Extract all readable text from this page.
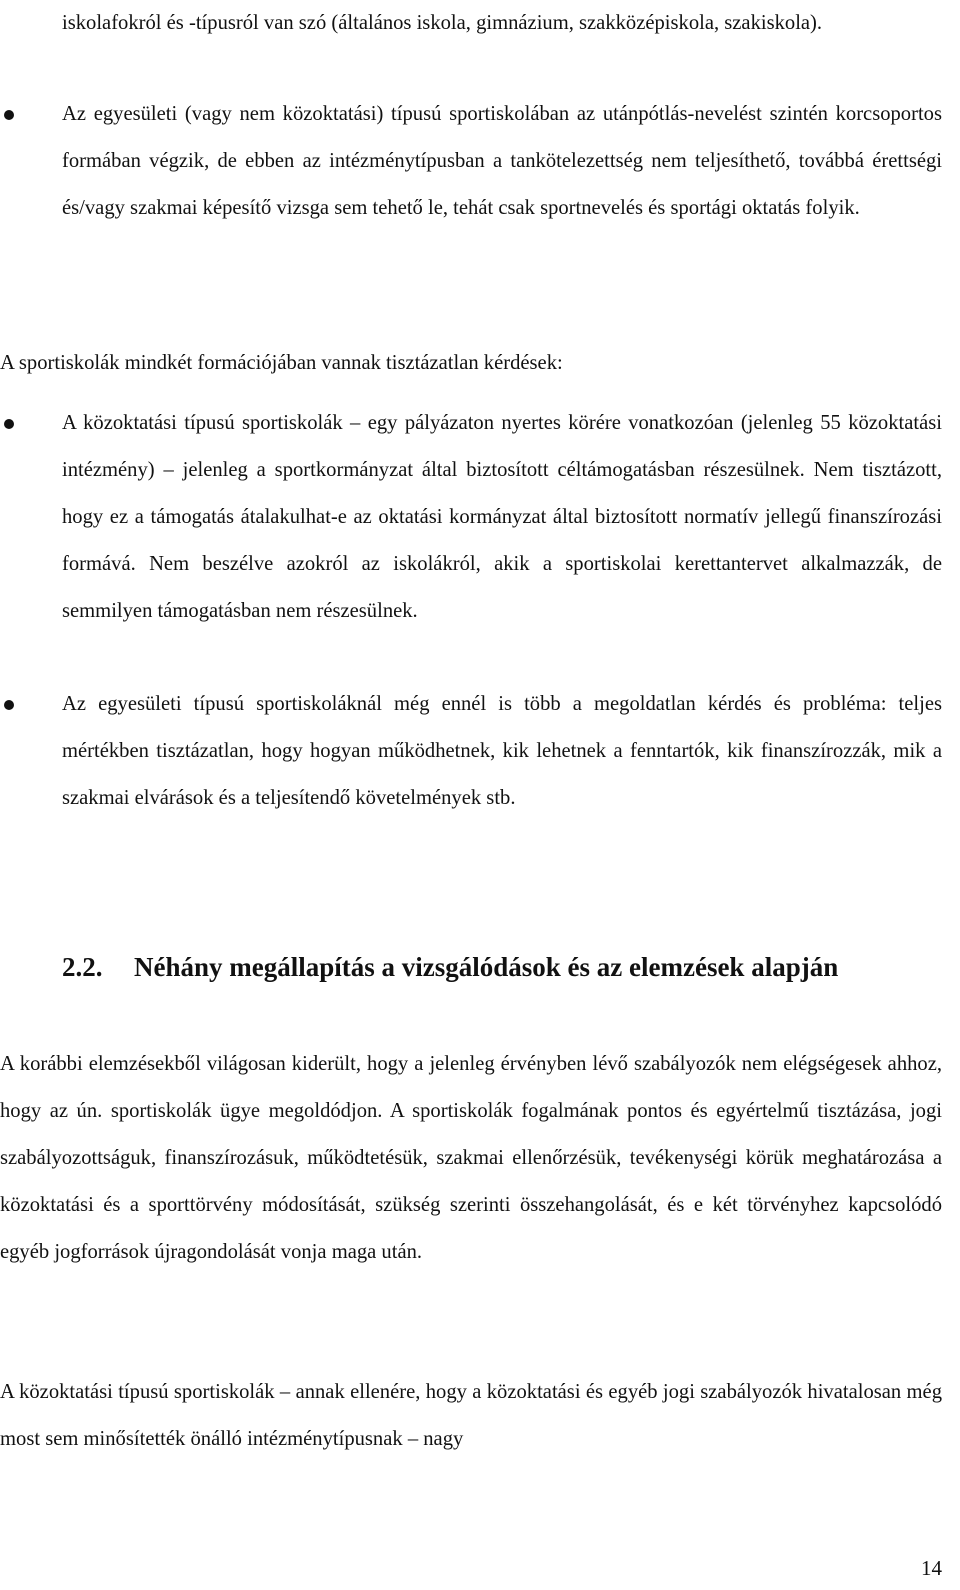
iskolafokról és -típusról van szó (általános iskola, gimnázium, szakközépiskola, szakiskola).

Az egyesületi (vagy nem közoktatási) típusú sportiskolában az utánpótlás-nevelést szintén korcsoportos formában végzik, de ebben az intézménytípusban a tankötelezettség nem teljesíthető, továbbá érettségi és/vagy szakmai képesítő vizsga sem tehető le, tehát csak sportnevelés és sportági oktatás folyik.

A sportiskolák mindkét formációjában vannak tisztázatlan kérdések:

A közoktatási típusú sportiskolák – egy pályázaton nyertes körére vonatkozóan (jelenleg 55 közoktatási intézmény) – jelenleg a sportkormányzat által biztosított céltámogatásban részesülnek. Nem tisztázott, hogy ez a támogatás átalakulhat-e az oktatási kormányzat által biztosított normatív jellegű finanszírozási formává. Nem beszélve azokról az iskolákról, akik a sportiskolai kerettantervet alkalmazzák, de semmilyen támogatásban nem részesülnek.

Az egyesületi típusú sportiskoláknál még ennél is több a megoldatlan kérdés és probléma: teljes mértékben tisztázatlan, hogy hogyan működhetnek, kik lehetnek a fenntartók, kik finanszírozzák, mik a szakmai elvárások és a teljesítendő követelmények stb.

2.2. Néhány megállapítás a vizsgálódások és az elemzések alapján

A korábbi elemzésekből világosan kiderült, hogy a jelenleg érvényben lévő szabályozók nem elégségesek ahhoz, hogy az ún. sportiskolák ügye megoldódjon. A sportiskolák fogalmának pontos és egyértelmű tisztázása, jogi szabályozottságuk, finanszírozásuk, működtetésük, szakmai ellenőrzésük, tevékenységi körük meghatározása a közoktatási és a sporttörvény módosítását, szükség szerinti összehangolását, és e két törvényhez kapcsolódó egyéb jogforrások újragondolását vonja maga után.

A közoktatási típusú sportiskolák – annak ellenére, hogy a közoktatási és egyéb jogi szabályozók hivatalosan még most sem minősítették önálló intézménytípusnak – nagy

14
